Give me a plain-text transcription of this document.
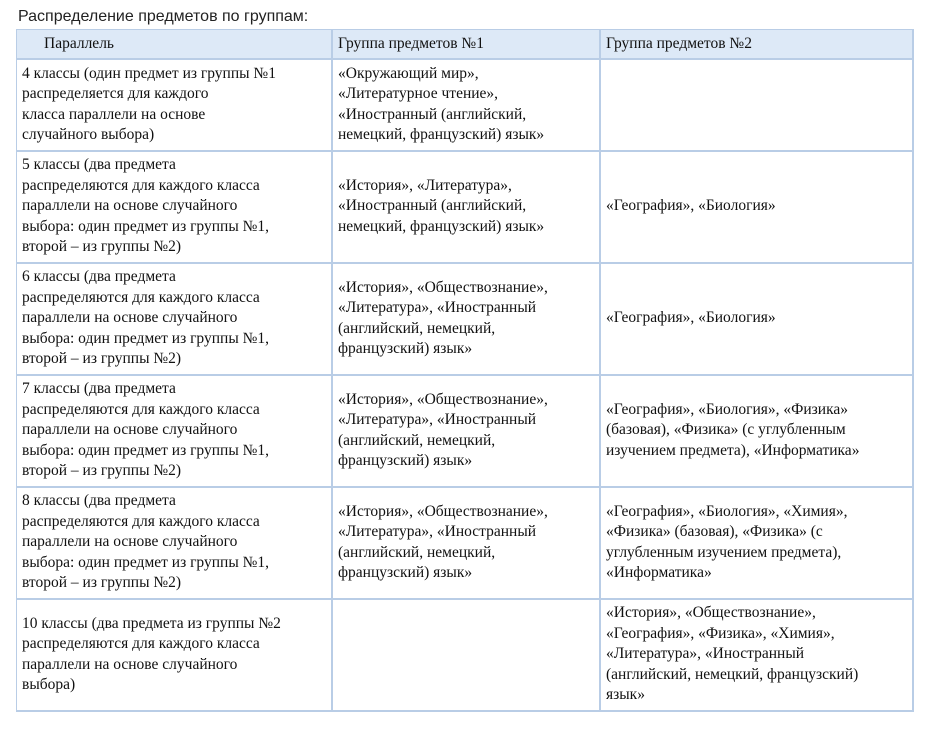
Распределение предметов по группам:
Параллель	Группа предметов №1	Группа предметов №2
4 классы (один предмет из группы №1
распределяется для каждого
класса параллели на основе
случайного выбора)	«Окружающий мир»,
«Литературное чтение»,
«Иностранный (английский,
немецкий, французский) язык»	
5 классы (два предмета
распределяются для каждого класса
параллели на основе случайного
выбора: один предмет из группы №1,
второй – из группы №2)	«История», «Литература»,
«Иностранный (английский,
немецкий, французский) язык»	«География», «Биология»
6 классы (два предмета
распределяются для каждого класса
параллели на основе случайного
выбора: один предмет из группы №1,
второй – из группы №2)	«История», «Обществознание»,
«Литература», «Иностранный
(английский, немецкий,
французский) язык»	«География», «Биология»
7 классы (два предмета
распределяются для каждого класса
параллели на основе случайного
выбора: один предмет из группы №1,
второй – из группы №2)	«История», «Обществознание»,
«Литература», «Иностранный
(английский, немецкий,
французский) язык»	«География», «Биология», «Физика»
(базовая), «Физика» (с углубленным
изучением предмета), «Информатика»
8 классы (два предмета
распределяются для каждого класса
параллели на основе случайного
выбора: один предмет из группы №1,
второй – из группы №2)	«История», «Обществознание»,
«Литература», «Иностранный
(английский, немецкий,
французский) язык»	«География», «Биология», «Химия»,
«Физика» (базовая), «Физика» (с
углубленным изучением предмета),
«Информатика»
10 классы (два предмета из группы №2
распределяются для каждого класса
параллели на основе случайного
выбора)		«История», «Обществознание»,
«География», «Физика», «Химия»,
«Литература», «Иностранный
(английский, немецкий, французский)
язык»
